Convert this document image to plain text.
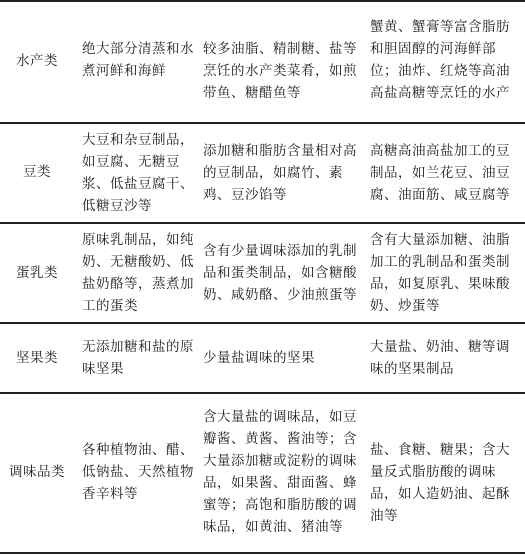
水产类
绝大部分清蒸和水煮河鲜和海鲜
较多油脂、精制糖、盐等烹饪的水产类菜肴，如煎带鱼、糖醋鱼等
蟹黄、蟹膏等富含脂肪和胆固醇的河海鲜部位；油炸、红烧等高油高盐高糖等烹饪的水产
豆类
大豆和杂豆制品，如豆腐、无糖豆浆、低盐豆腐干、低糖豆沙等
添加糖和脂肪含量相对高的豆制品，如腐竹、素鸡、豆沙馅等
高糖高油高盐加工的豆制品，如兰花豆、油豆腐、油面筋、咸豆腐等
蛋乳类
原味乳制品，如纯奶、无糖酸奶、低盐奶酪等，蒸煮加工的蛋类
含有少量调味添加的乳制品和蛋类制品，如含糖酸奶、咸奶酪、少油煎蛋等
含有大量添加糖、油脂加工的乳制品和蛋类制品，如复原乳、果味酸奶、炒蛋等
坚果类
无添加糖和盐的原味坚果
少量盐调味的坚果
大量盐、奶油、糖等调味的坚果制品
调味品类
各种植物油、醋、低钠盐、天然植物香辛料等
含大量盐的调味品，如豆瓣酱、黄酱、酱油等；含大量添加糖或淀粉的调味品，如果酱、甜面酱、蜂蜜等；高饱和脂肪酸的调味品，如黄油、猪油等
盐、食糖、糖果；含大量反式脂肪酸的调味品，如人造奶油、起酥油等
